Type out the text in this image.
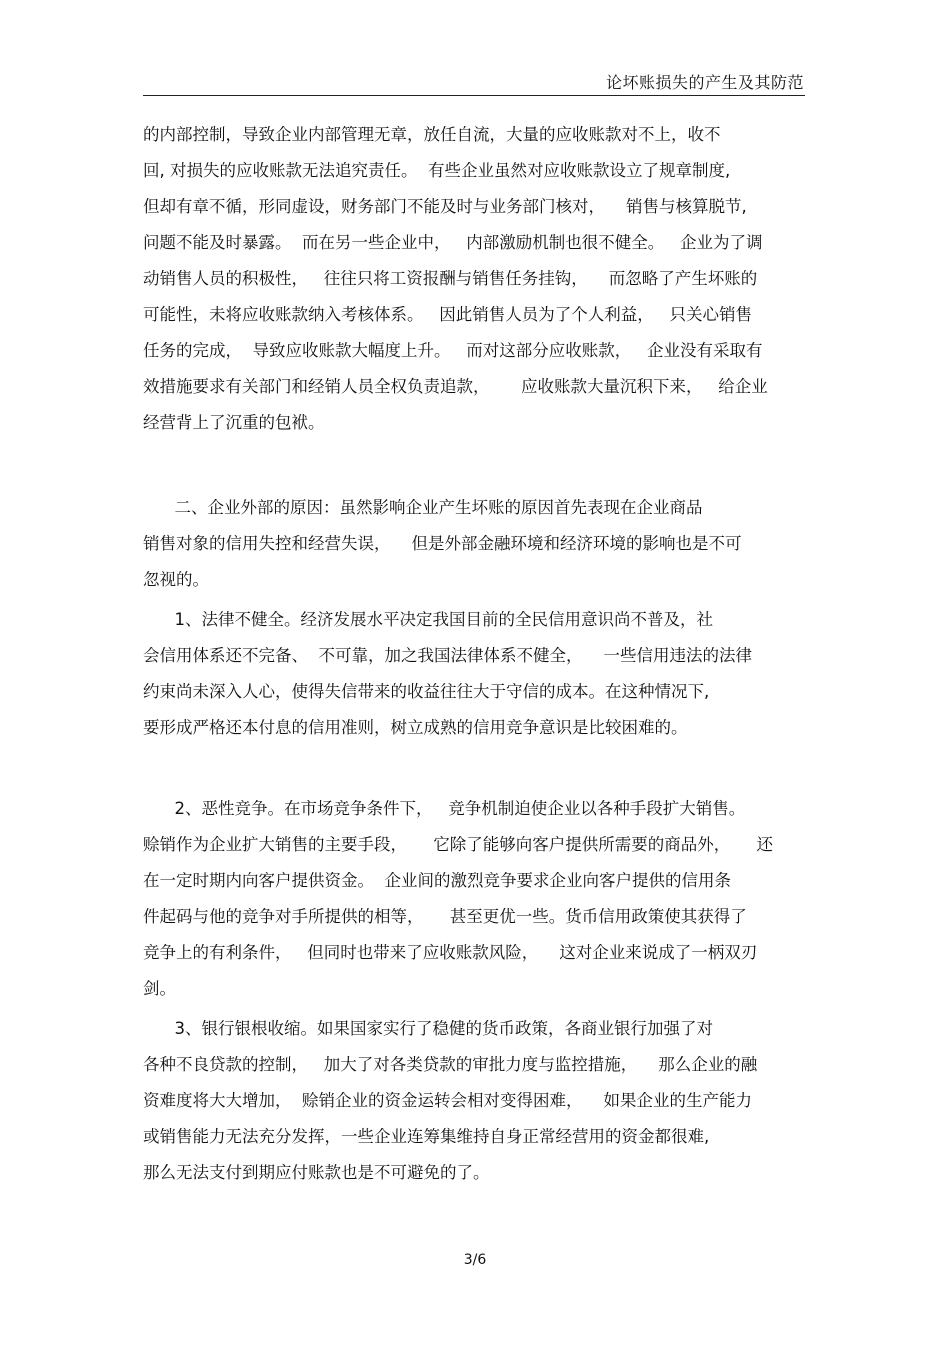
论坏账损失的产生及其防范
的内部控制，导致企业内部管理无章，放任自流，大量的应收账款对不上，收不
回, 对损失的应收账款无法追究责任。  有些企业虽然对应收账款设立了规章制度,
但却有章不循，形同虚设，财务部门不能及时与业务部门核对，    销售与核算脱节,
问题不能及时暴露。  而在另一些企业中，   内部激励机制也很不健全。   企业为了调
动销售人员的积极性，   往往只将工资报酬与销售任务挂钩，    而忽略了产生坏账的
可能性，未将应收账款纳入考核体系。   因此销售人员为了个人利益，   只关心销售
任务的完成，  导致应收账款大幅度上升。   而对这部分应收账款，   企业没有采取有
效措施要求有关部门和经销人员全权负责追款，      应收账款大量沉积下来，   给企业
经营背上了沉重的包袱。
二、企业外部的原因：虽然影响企业产生坏账的原因首先表现在企业商品
销售对象的信用失控和经营失误，    但是外部金融环境和经济环境的影响也是不可
忽视的。
1、法律不健全。经济发展水平决定我国目前的全民信用意识尚不普及，社
会信用体系还不完备、  不可靠，加之我国法律体系不健全，    一些信用违法的法律
约束尚未深入人心，使得失信带来的收益往往大于守信的成本。在这种情况下,
要形成严格还本付息的信用准则，树立成熟的信用竞争意识是比较困难的。
2、恶性竞争。在市场竞争条件下，   竞争机制迫使企业以各种手段扩大销售。
赊销作为企业扩大销售的主要手段，     它除了能够向客户提供所需要的商品外，     还
在一定时期内向客户提供资金。  企业间的激烈竞争要求企业向客户提供的信用条
件起码与他的竞争对手所提供的相等，     甚至更优一些。货币信用政策使其获得了
竞争上的有利条件，   但同时也带来了应收账款风险，    这对企业来说成了一柄双刃
剑。
3、银行银根收缩。如果国家实行了稳健的货币政策，各商业银行加强了对
各种不良贷款的控制，   加大了对各类贷款的审批力度与监控措施，    那么企业的融
资难度将大大增加，  赊销企业的资金运转会相对变得困难，    如果企业的生产能力
或销售能力无法充分发挥，一些企业连筹集维持自身正常经营用的资金都很难,
那么无法支付到期应付账款也是不可避免的了。
3/6
